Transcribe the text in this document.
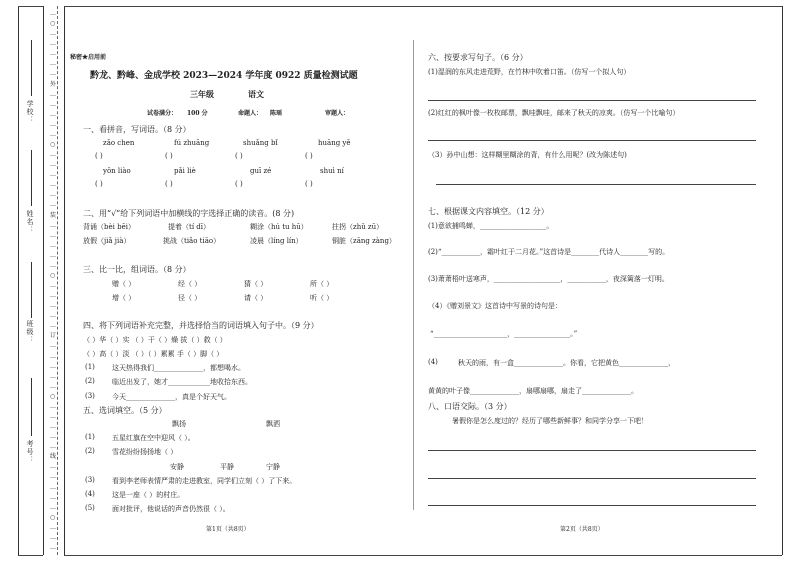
…
○
…
…
…
…
…
外
…
…
…
…
…
○
…
…
…
…
…
…
装
…
…
…
…
…
○
…
…
…
…
…
订
…
…
…
…
…
○
…
…
…
…
…
线
…
…
…
…
…
○
…
…
…
学校：
姓名：
班级：
考号：
秘密★启用前
黔龙、黔峰、金成学校 2023—2024 学年度 0922 质量检测试题
三年级	语文
试卷满分： 100 分	命题人： 陈瑶	审题人：
一、看拼音，写词语。（8 分）
zǎo chen	fú zhuāng	shuǎng bǐ	huāng yě
( )	( )	( )	( )
yǒn liào	pǎi liè	guī zé	shuì ní
( )	( )	( )	( )
二、用“√”给下列词语中加横线的字选择正确的读音。(8 分)
背诵（bèi bēi）	提着（tí dī）	糊涂（hú tu hū）	拄拐（zhǔ zū）
放假（jiǎ jià）	挑战（tiǎo tiāo）	凌晨（líng lín）	铜脏（zāng zàng）
三、比一比，组词语。（8 分）
赠（ ）	经（ ）	猜（ ）	所（ ）
增（ ）	径（ ）	请（ ）	听（ ）
四、将下列词语补充完整，并选择恰当的词语填入句子中。（9 分）
（ ）华（ ）实 （ ）干（ ）燥 拔（ ）救（ ）
（ ）高（ ）淡 （ ）（ ）累累 手（ ）脚（ ）
(1) 这天热得我们______________，都想喝水。
(2) 临近出发了，她才____________地收拾东西。
(3) 今天______________，真是个好天气。
五、选词填空。（5 分）
飘扬	飘洒
(1) 五星红旗在空中迎风（ ）。
(2) 雪花纷纷扬扬地（ ）
安静	平静	宁静
(3) 看到李老师表情严肃的走进教室，同学们立刻（ ）了下来。
(4) 这是一座（ ）的村庄。
(5) 面对批评，他说话的声音仍然很（ ）。
第1页（共8页）
六、按要求写句子。（6 分）
(1)湿润的东风走进荒野，在竹林中吹着口笛。（仿写一个拟人句）
(2)红红的枫叶像一枚枚邮票，飘哇飘哇，邮来了秋天的凉爽。（仿写一个比喻句）
（3）孙中山想：这样糊里糊涂的背，有什么用呢？(改为陈述句)
七、根据课文内容填空。（12 分）
(1)意欲捕鸣蝉，___________________。
(2)“___________，霜叶红于二月花。”这首诗是________代诗人________写的。
(3)萧萧梧叶送寒声，___________________，___________，夜深篱落一灯明。
（4）《赠刘景文》这首诗中写景的诗句是：
“_____________________，________________。”
(4)	秋天的雨，有一盒______________。你看，它把黄色______________，
黄黄的叶子像______________，扇哪扇哪，扇走了______________。
八、口语交际。（3 分）
暑假你是怎么度过的？经历了哪些新鲜事？和同学分享一下吧！
第2页（共8页）
